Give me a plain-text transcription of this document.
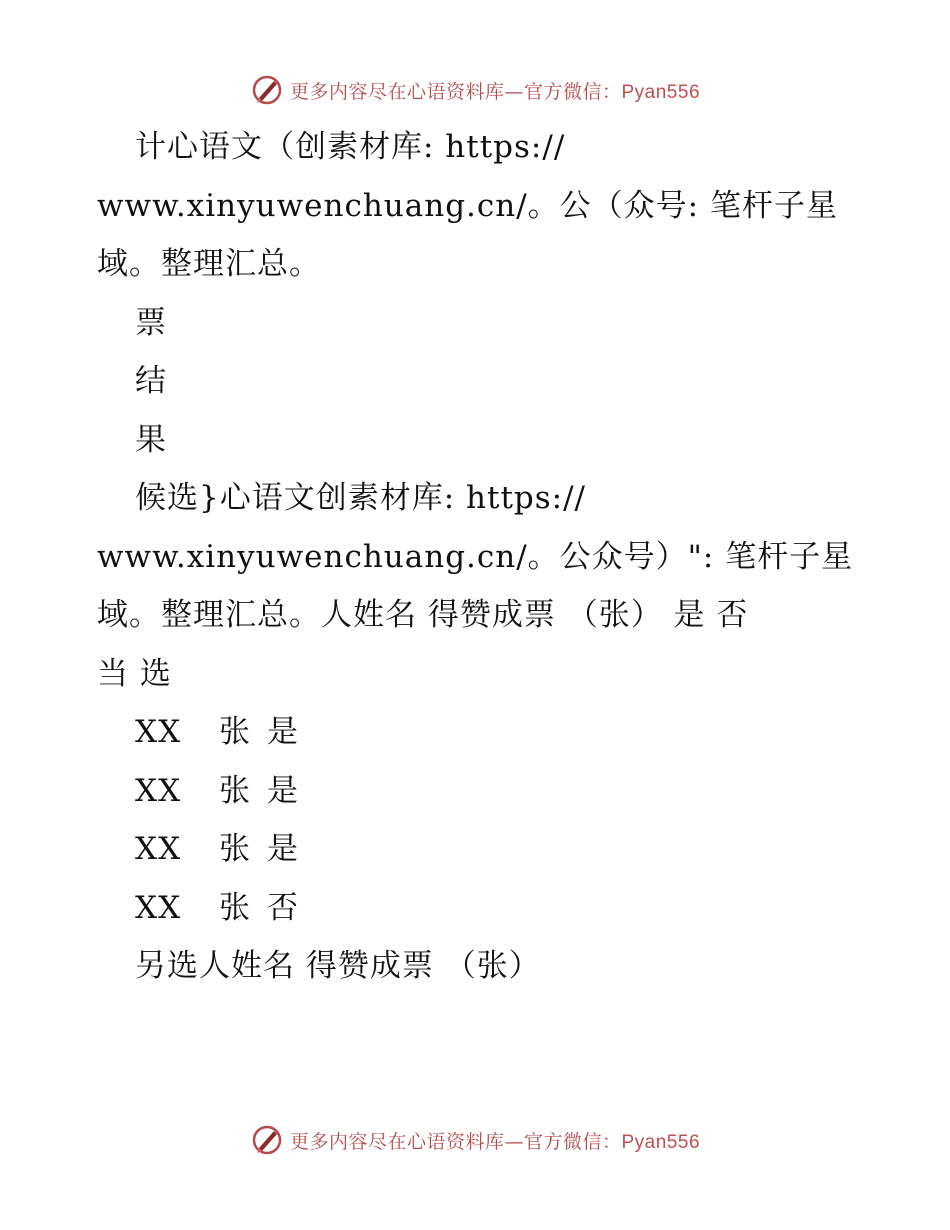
更多内容尽在心语资料库—官方微信：Pyan556
计心语文（创素材库: https://
www.xinyuwenchuang.cn/。公（众号: 笔杆子星
域。整理汇总。
票
结
果
候选}心语文创素材库: https://
www.xinyuwenchuang.cn/。公众号）": 笔杆子星
域。整理汇总。人姓名 得赞成票 （张） 是 否
当 选
XX 张 是
XX 张 是
XX 张 是
XX 张 否
另选人姓名 得赞成票 （张）
更多内容尽在心语资料库—官方微信：Pyan556
